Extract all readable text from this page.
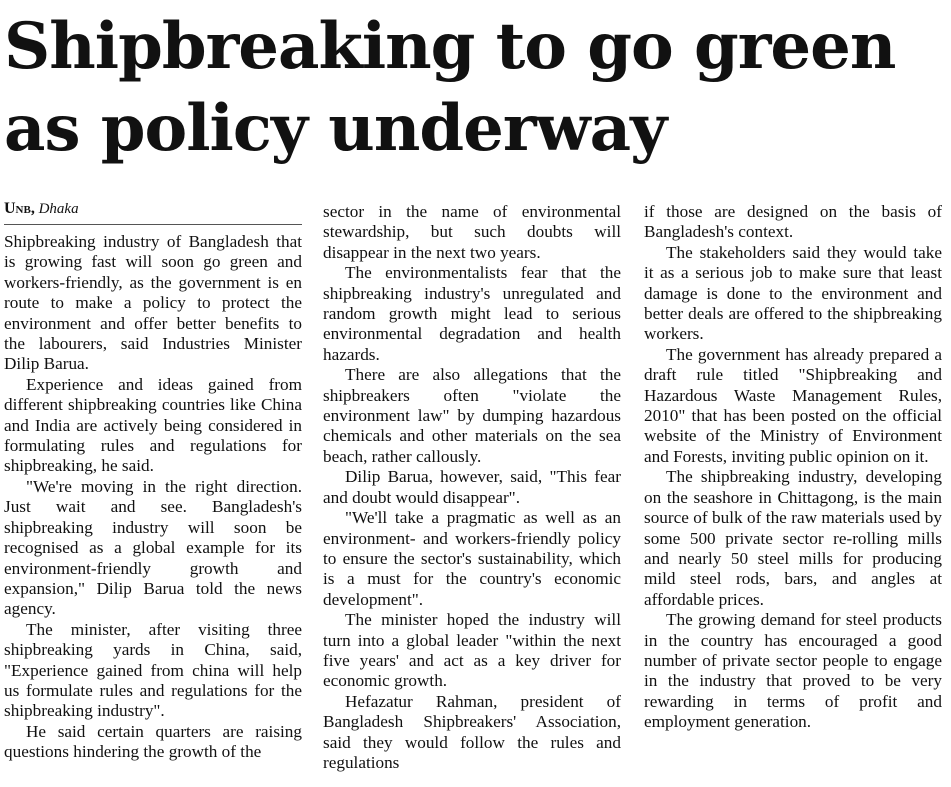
Shipbreaking to go green
as policy underway
Unb, Dhaka

Shipbreaking industry of Bangladesh that is growing fast will soon go green and workers-friendly, as the government is en route to make a policy to protect the environment and offer better benefits to the labourers, said Industries Minister Dilip Barua.

Experience and ideas gained from different shipbreaking countries like China and India are actively being considered in formulating rules and regulations for shipbreaking, he said.

"We're moving in the right direction. Just wait and see. Bangladesh's shipbreaking industry will soon be recognised as a global example for its environment-friendly growth and expansion," Dilip Barua told the news agency.

The minister, after visiting three shipbreaking yards in China, said, "Experience gained from china will help us formulate rules and regulations for the shipbreaking industry".

He said certain quarters are raising questions hindering the growth of the

sector in the name of environmental stewardship, but such doubts will disappear in the next two years.

The environmentalists fear that the shipbreaking industry's unregulated and random growth might lead to serious environmental degradation and health hazards.

There are also allegations that the shipbreakers often "violate the environment law" by dumping hazardous chemicals and other materials on the sea beach, rather callously.

Dilip Barua, however, said, "This fear and doubt would disappear".

"We'll take a pragmatic as well as an environment- and workers-friendly policy to ensure the sector's sustainability, which is a must for the country's economic development".

The minister hoped the industry will turn into a global leader "within the next five years' and act as a key driver for economic growth.

Hefazatur Rahman, president of Bangladesh Shipbreakers' Association, said they would follow the rules and regulations

if those are designed on the basis of Bangladesh's context.

The stakeholders said they would take it as a serious job to make sure that least damage is done to the environment and better deals are offered to the shipbreaking workers.

The government has already prepared a draft rule titled "Shipbreaking and Hazardous Waste Management Rules, 2010" that has been posted on the official website of the Ministry of Environment and Forests, inviting public opinion on it.

The shipbreaking industry, developing on the seashore in Chittagong, is the main source of bulk of the raw materials used by some 500 private sector re-rolling mills and nearly 50 steel mills for producing mild steel rods, bars, and angles at affordable prices.

The growing demand for steel products in the country has encouraged a good number of private sector people to engage in the industry that proved to be very rewarding in terms of profit and employment generation.
